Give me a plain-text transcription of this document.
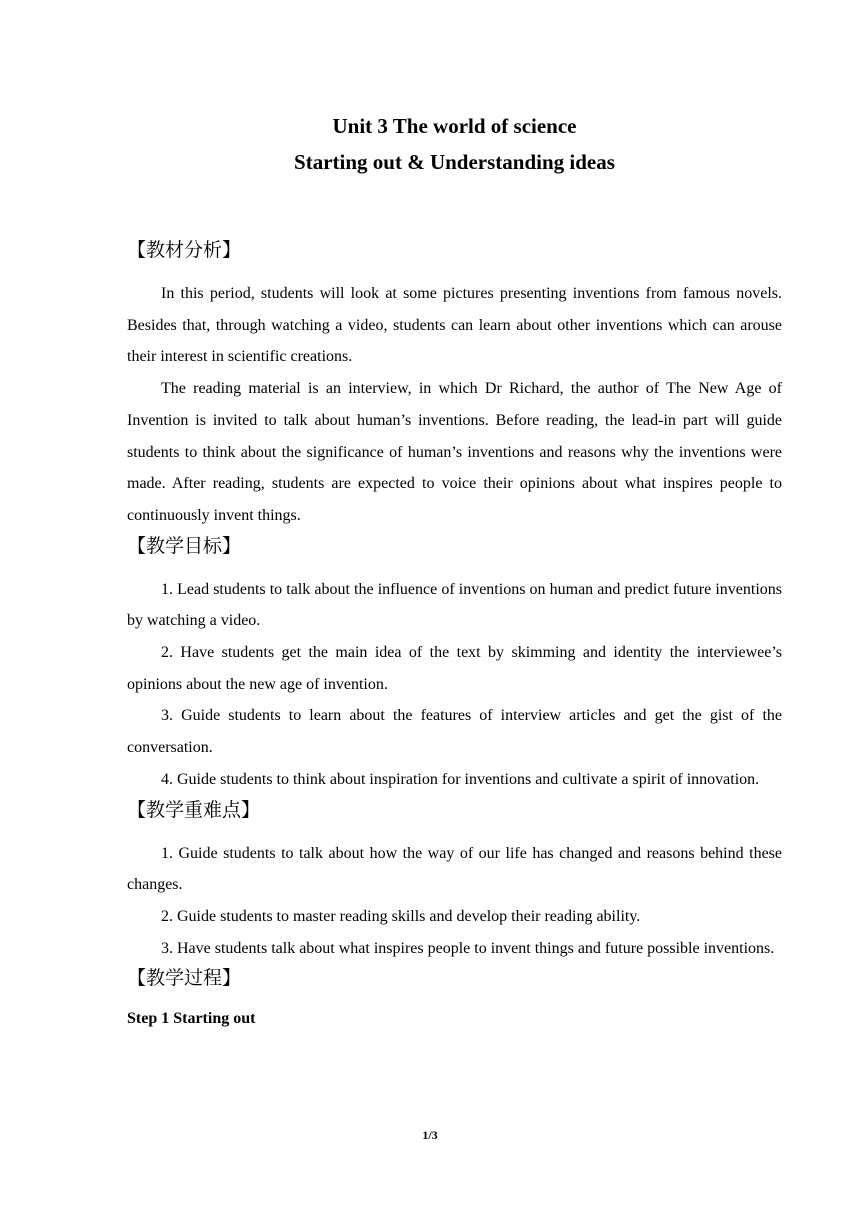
Unit 3 The world of science
Starting out & Understanding ideas
【教材分析】

In this period, students will look at some pictures presenting inventions from famous novels. Besides that, through watching a video, students can learn about other inventions which can arouse their interest in scientific creations.

The reading material is an interview, in which Dr Richard, the author of The New Age of Invention is invited to talk about human’s inventions. Before reading, the lead-in part will guide students to think about the significance of human’s inventions and reasons why the inventions were made. After reading, students are expected to voice their opinions about what inspires people to continuously invent things.

【教学目标】

1. Lead students to talk about the influence of inventions on human and predict future inventions by watching a video.

2. Have students get the main idea of the text by skimming and identity the interviewee’s opinions about the new age of invention.

3. Guide students to learn about the features of interview articles and get the gist of the conversation.

4. Guide students to think about inspiration for inventions and cultivate a spirit of innovation.

【教学重难点】

1. Guide students to talk about how the way of our life has changed and reasons behind these changes.

2. Guide students to master reading skills and develop their reading ability.

3. Have students talk about what inspires people to invent things and future possible inventions.

【教学过程】
Step 1 Starting out
1/3
